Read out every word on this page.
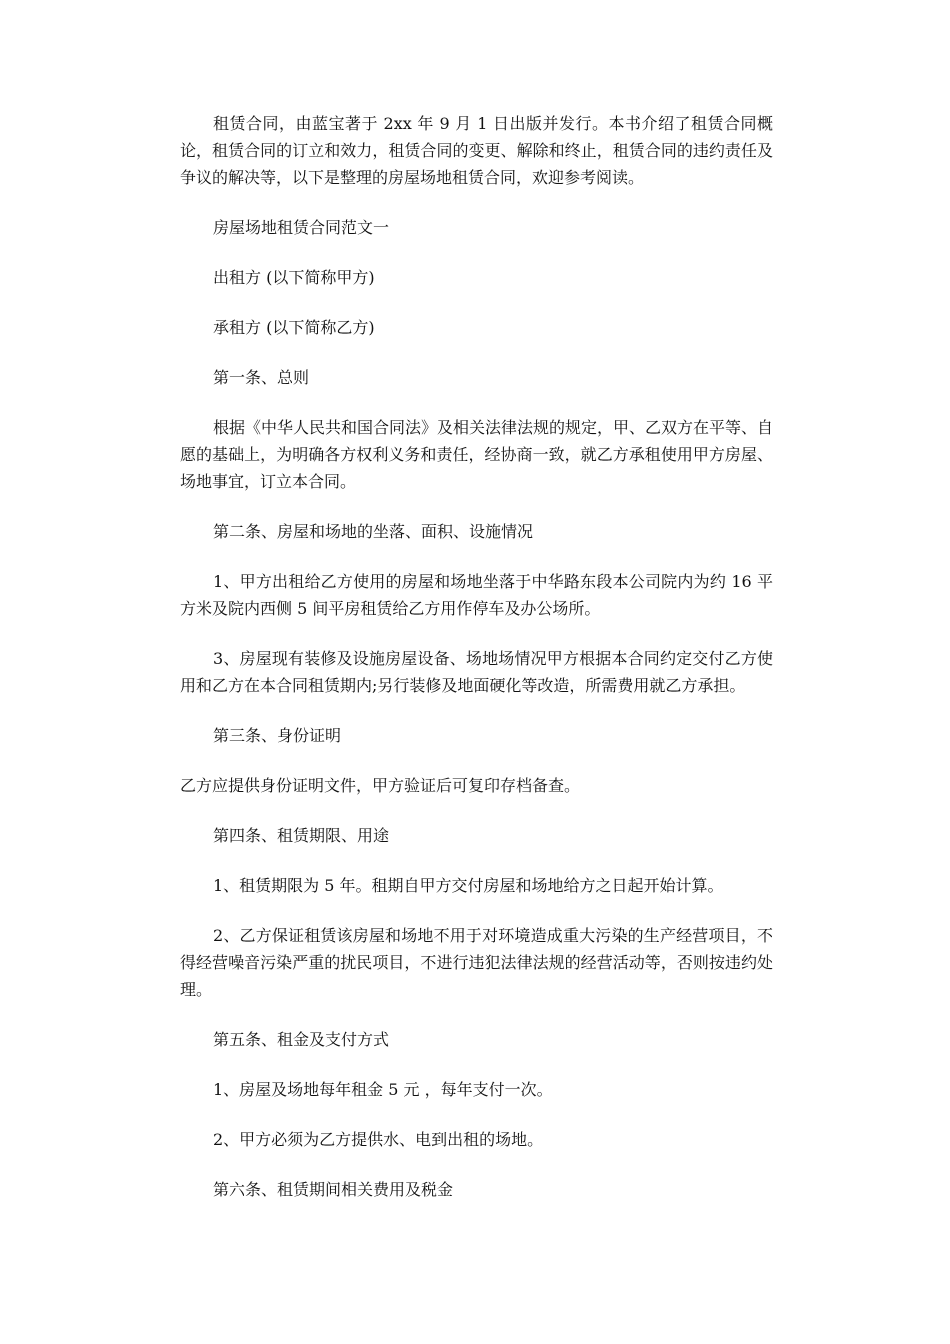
租赁合同，由蓝宝著于 2xx 年 9 月 1 日出版并发行。本书介绍了租赁合同概论，租赁合同的订立和效力，租赁合同的变更、解除和终止，租赁合同的违约责任及争议的解决等，以下是整理的房屋场地租赁合同，欢迎参考阅读。

房屋场地租赁合同范文一

出租方 (以下简称甲方)

承租方 (以下简称乙方)

第一条、总则

根据《中华人民共和国合同法》及相关法律法规的规定，甲、乙双方在平等、自愿的基础上，为明确各方权利义务和责任，经协商一致，就乙方承租使用甲方房屋、场地事宜，订立本合同。

第二条、房屋和场地的坐落、面积、设施情况

1、甲方出租给乙方使用的房屋和场地坐落于中华路东段本公司院内为约 16 平方米及院内西侧 5 间平房租赁给乙方用作停车及办公场所。

3、房屋现有装修及设施房屋设备、场地场情况甲方根据本合同约定交付乙方使用和乙方在本合同租赁期内;另行装修及地面硬化等改造，所需费用就乙方承担。

第三条、身份证明

乙方应提供身份证明文件，甲方验证后可复印存档备查。

第四条、租赁期限、用途

1、租赁期限为 5 年。租期自甲方交付房屋和场地给方之日起开始计算。

2、乙方保证租赁该房屋和场地不用于对环境造成重大污染的生产经营项目，不得经营噪音污染严重的扰民项目，不进行违犯法律法规的经营活动等，否则按违约处理。

第五条、租金及支付方式

1、房屋及场地每年租金 5 元 ，每年支付一次。

2、甲方必须为乙方提供水、电到出租的场地。

第六条、租赁期间相关费用及税金
